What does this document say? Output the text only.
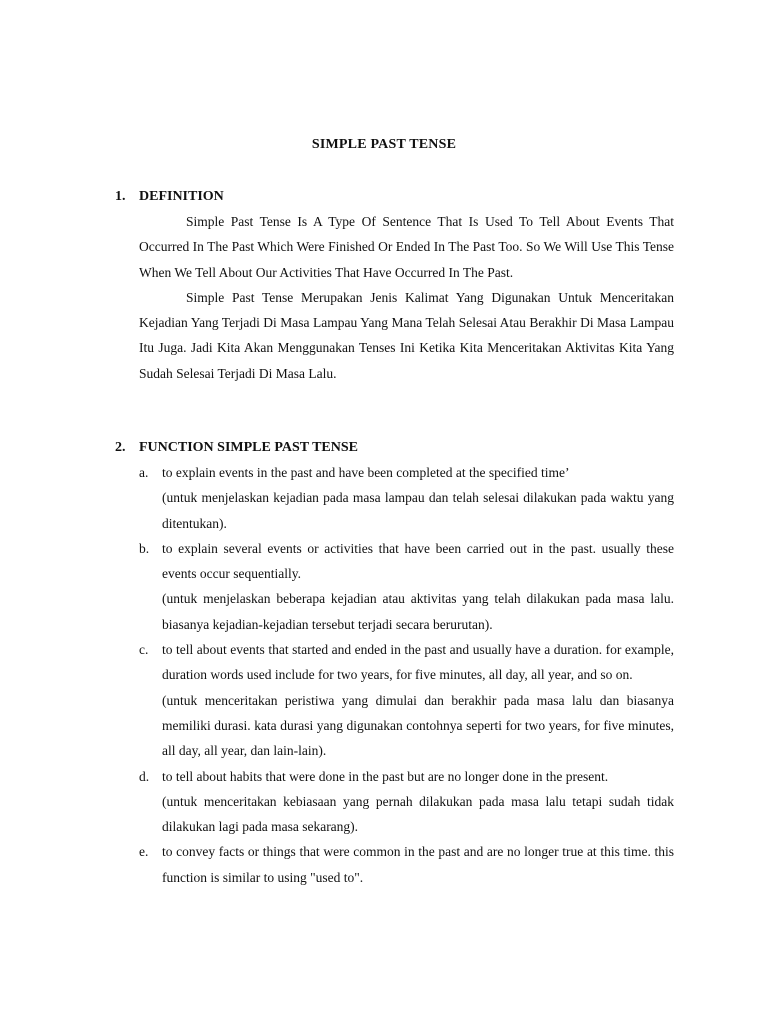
SIMPLE PAST TENSE
1. DEFINITION

Simple Past Tense Is A Type Of Sentence That Is Used To Tell About Events That Occurred In The Past Which Were Finished Or Ended In The Past Too. So We Will Use This Tense When We Tell About Our Activities That Have Occurred In The Past.

Simple Past Tense Merupakan Jenis Kalimat Yang Digunakan Untuk Menceritakan Kejadian Yang Terjadi Di Masa Lampau Yang Mana Telah Selesai Atau Berakhir Di Masa Lampau Itu Juga. Jadi Kita Akan Menggunakan Tenses Ini Ketika Kita Menceritakan Aktivitas Kita Yang Sudah Selesai Terjadi Di Masa Lalu.

2. FUNCTION SIMPLE PAST TENSE
a. to explain events in the past and have been completed at the specified time’
(untuk menjelaskan kejadian pada masa lampau dan telah selesai dilakukan pada waktu yang ditentukan).
b. to explain several events or activities that have been carried out in the past. usually these events occur sequentially.
(untuk menjelaskan beberapa kejadian atau aktivitas yang telah dilakukan pada masa lalu. biasanya kejadian-kejadian tersebut terjadi secara berurutan).
c. to tell about events that started and ended in the past and usually have a duration. for example, duration words used include for two years, for five minutes, all day, all year, and so on.
(untuk menceritakan peristiwa yang dimulai dan berakhir pada masa lalu dan biasanya memiliki durasi. kata durasi yang digunakan contohnya seperti for two years, for five minutes, all day, all year, dan lain-lain).
d. to tell about habits that were done in the past but are no longer done in the present.
(untuk menceritakan kebiasaan yang pernah dilakukan pada masa lalu tetapi sudah tidak dilakukan lagi pada masa sekarang).
e. to convey facts or things that were common in the past and are no longer true at this time. this function is similar to using "used to".
